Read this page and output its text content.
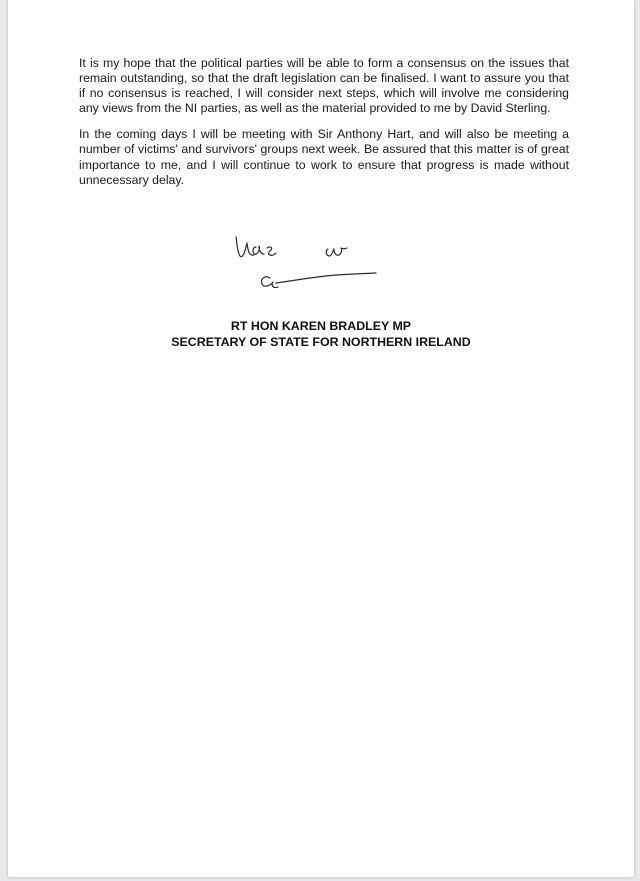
It is my hope that the political parties will be able to form a consensus on the issues that remain outstanding, so that the draft legislation can be finalised. I want to assure you that if no consensus is reached, I will consider next steps, which will involve me considering any views from the NI parties, as well as the material provided to me by David Sterling.

In the coming days I will be meeting with Sir Anthony Hart, and will also be meeting a number of victims' and survivors' groups next week. Be assured that this matter is of great importance to me, and I will continue to work to ensure that progress is made without unnecessary delay.

RT HON KAREN BRADLEY MP
SECRETARY OF STATE FOR NORTHERN IRELAND
